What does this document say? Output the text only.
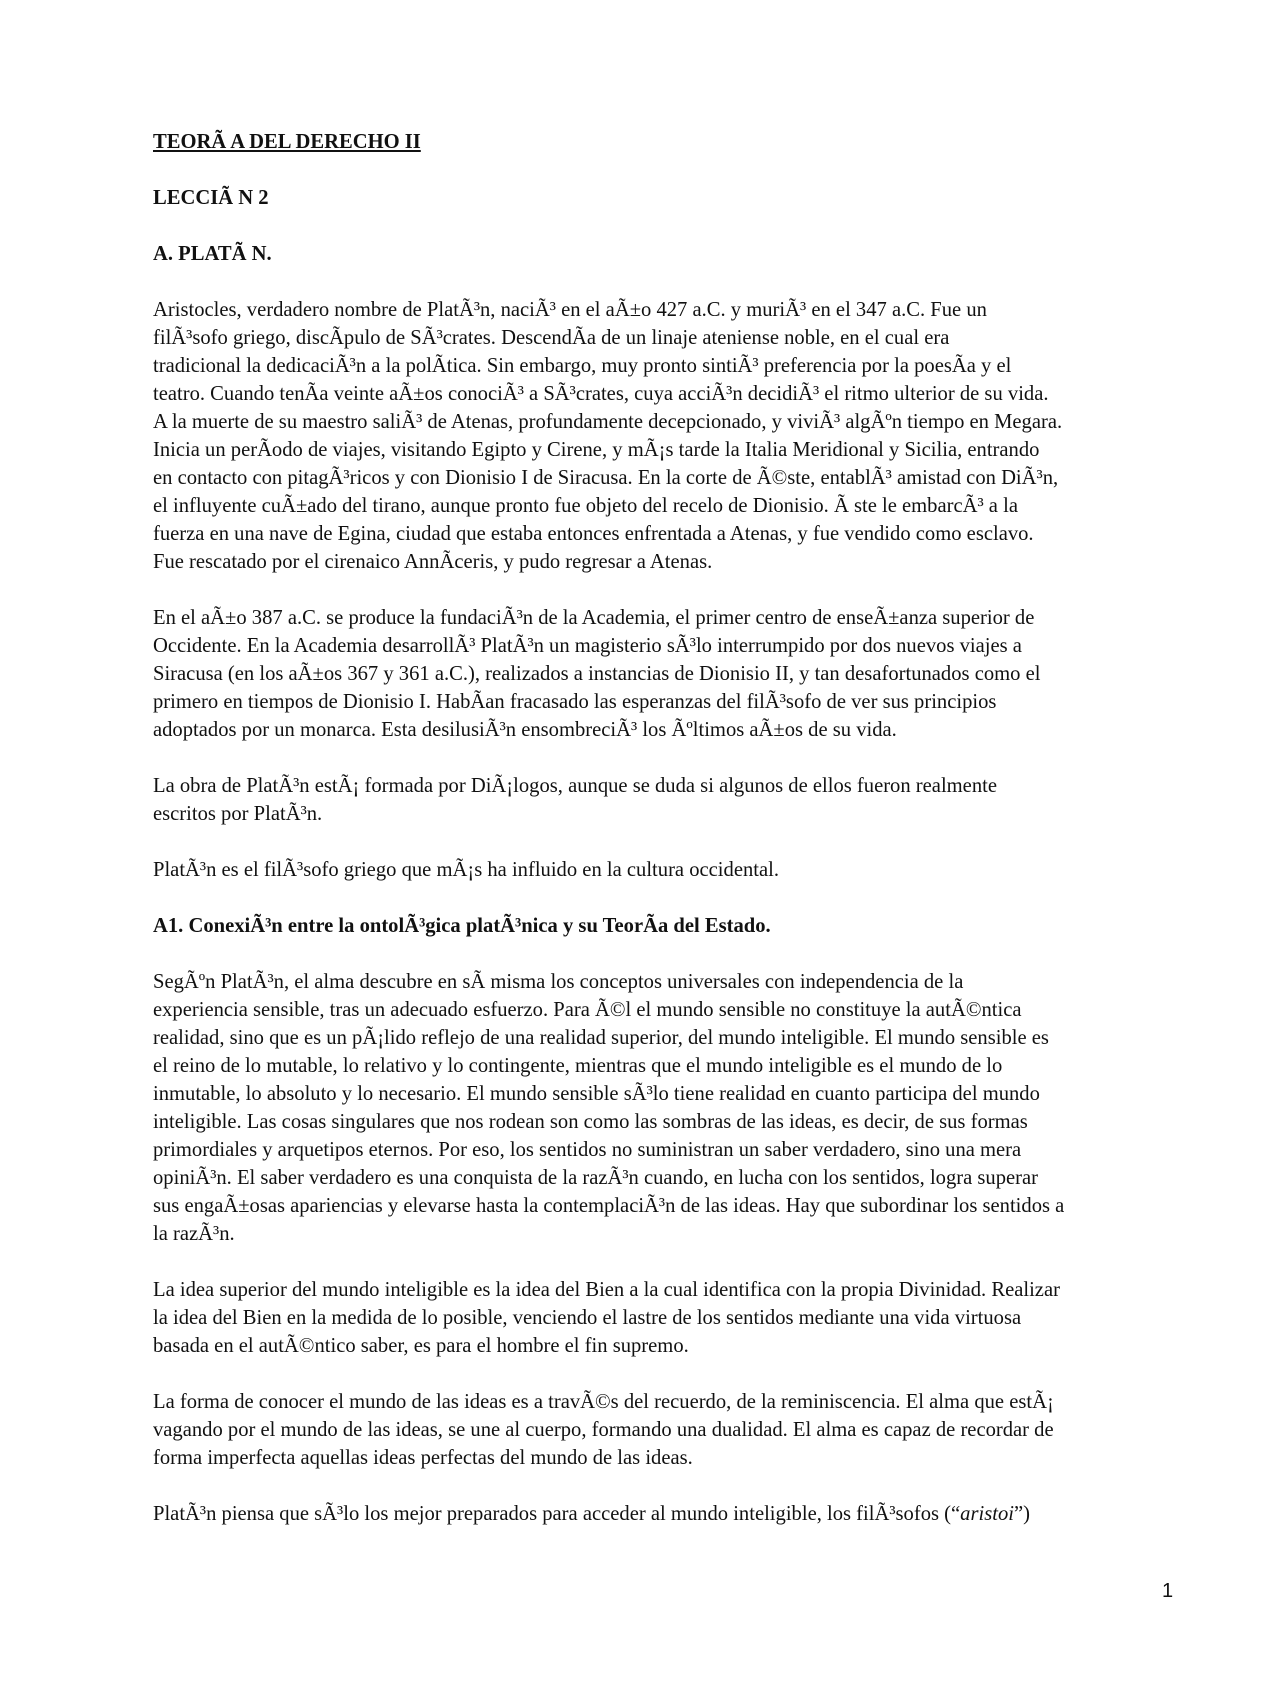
TEORÃ A DEL DERECHO II
LECCIÃ N 2
A. PLATÃ N.

Aristocles, verdadero nombre de PlatÃ³n, naciÃ³ en el aÃ±o 427 a.C. y muriÃ³ en el 347 a.C. Fue un
filÃ³sofo griego, discÃpulo de SÃ³crates. DescendÃa de un linaje ateniense noble, en el cual era
tradicional la dedicaciÃ³n a la polÃtica. Sin embargo, muy pronto sintiÃ³ preferencia por la poesÃa y el
teatro. Cuando tenÃa veinte aÃ±os conociÃ³ a SÃ³crates, cuya acciÃ³n decidiÃ³ el ritmo ulterior de su vida.
A la muerte de su maestro saliÃ³ de Atenas, profundamente decepcionado, y viviÃ³ algÃºn tiempo en Megara.
Inicia un perÃodo de viajes, visitando Egipto y Cirene, y mÃ¡s tarde la Italia Meridional y Sicilia, entrando
en contacto con pitagÃ³ricos y con Dionisio I de Siracusa. En la corte de Ã©ste, entablÃ³ amistad con DiÃ³n,
el influyente cuÃ±ado del tirano, aunque pronto fue objeto del recelo de Dionisio. Ã ste le embarcÃ³ a la
fuerza en una nave de Egina, ciudad que estaba entonces enfrentada a Atenas, y fue vendido como esclavo.
Fue rescatado por el cirenaico AnnÃceris, y pudo regresar a Atenas.

En el aÃ±o 387 a.C. se produce la fundaciÃ³n de la Academia, el primer centro de enseÃ±anza superior de
Occidente. En la Academia desarrollÃ³ PlatÃ³n un magisterio sÃ³lo interrumpido por dos nuevos viajes a
Siracusa (en los aÃ±os 367 y 361 a.C.), realizados a instancias de Dionisio II, y tan desafortunados como el
primero en tiempos de Dionisio I. HabÃan fracasado las esperanzas del filÃ³sofo de ver sus principios
adoptados por un monarca. Esta desilusiÃ³n ensombreciÃ³ los Ãºltimos aÃ±os de su vida.

La obra de PlatÃ³n estÃ¡ formada por DiÃ¡logos, aunque se duda si algunos de ellos fueron realmente
escritos por PlatÃ³n.

PlatÃ³n es el filÃ³sofo griego que mÃ¡s ha influido en la cultura occidental.

A1. ConexiÃ³n entre la ontolÃ³gica platÃ³nica y su TeorÃa del Estado.

SegÃºn PlatÃ³n, el alma descubre en sÃ misma los conceptos universales con independencia de la
experiencia sensible, tras un adecuado esfuerzo. Para Ã©l el mundo sensible no constituye la autÃ©ntica
realidad, sino que es un pÃ¡lido reflejo de una realidad superior, del mundo inteligible. El mundo sensible es
el reino de lo mutable, lo relativo y lo contingente, mientras que el mundo inteligible es el mundo de lo
inmutable, lo absoluto y lo necesario. El mundo sensible sÃ³lo tiene realidad en cuanto participa del mundo
inteligible. Las cosas singulares que nos rodean son como las sombras de las ideas, es decir, de sus formas
primordiales y arquetipos eternos. Por eso, los sentidos no suministran un saber verdadero, sino una mera
opiniÃ³n. El saber verdadero es una conquista de la razÃ³n cuando, en lucha con los sentidos, logra superar
sus engaÃ±osas apariencias y elevarse hasta la contemplaciÃ³n de las ideas. Hay que subordinar los sentidos a
la razÃ³n.

La idea superior del mundo inteligible es la idea del Bien a la cual identifica con la propia Divinidad. Realizar
la idea del Bien en la medida de lo posible, venciendo el lastre de los sentidos mediante una vida virtuosa
basada en el autÃ©ntico saber, es para el hombre el fin supremo.

La forma de conocer el mundo de las ideas es a travÃ©s del recuerdo, de la reminiscencia. El alma que estÃ¡
vagando por el mundo de las ideas, se une al cuerpo, formando una dualidad. El alma es capaz de recordar de
forma imperfecta aquellas ideas perfectas del mundo de las ideas.

PlatÃ³n piensa que sÃ³lo los mejor preparados para acceder al mundo inteligible, los filÃ³sofos (“aristoi”)

1
